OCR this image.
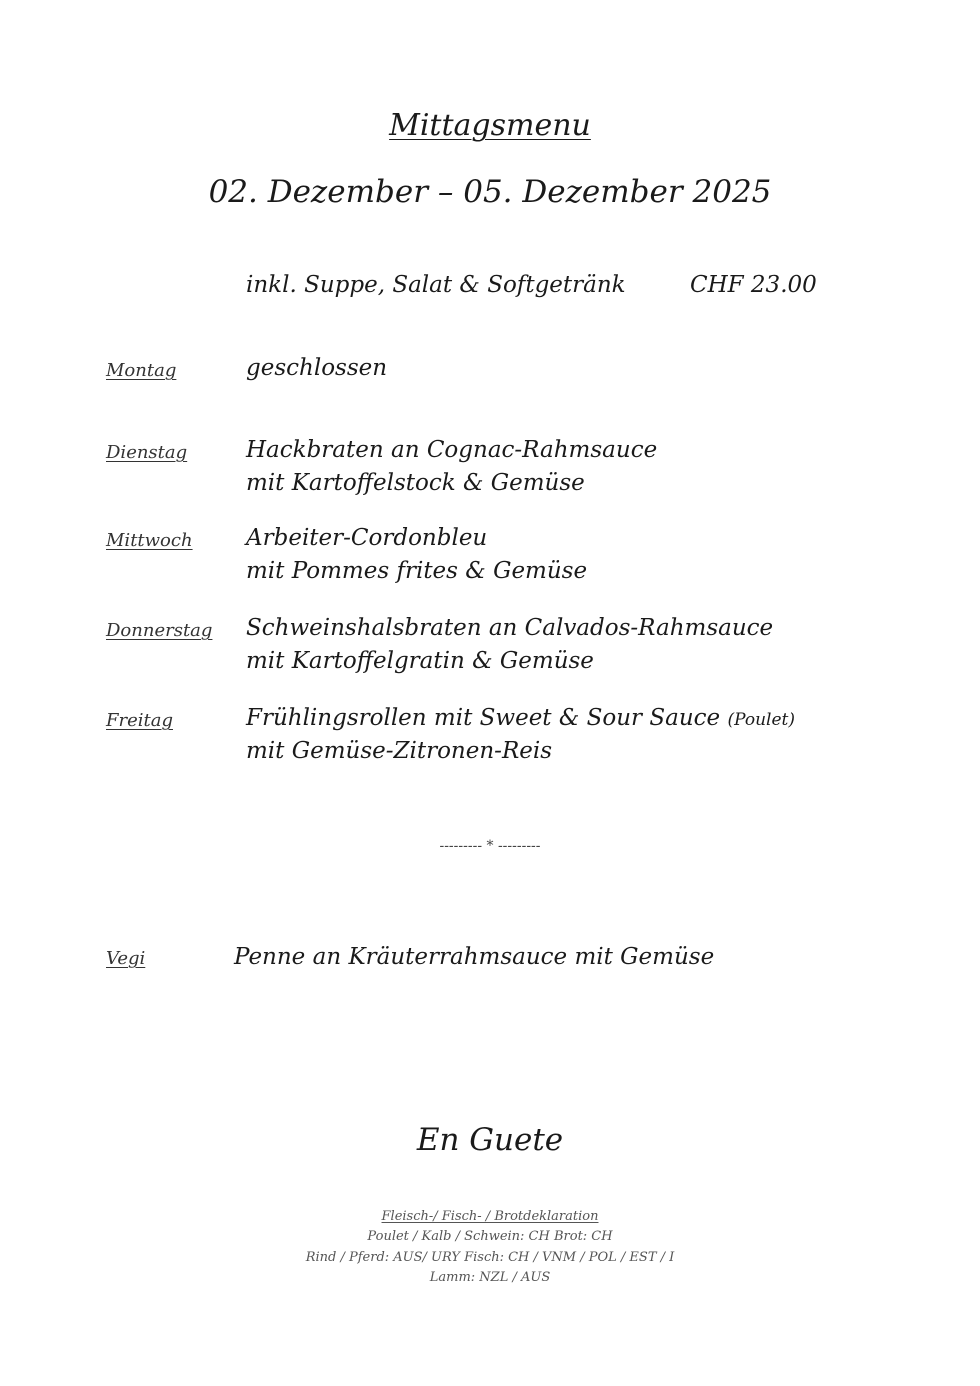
Mittagsmenu
02. Dezember – 05. Dezember 2025
inkl. Suppe, Salat & Softgetränk	CHF 23.00
Montag	geschlossen
Dienstag	Hackbraten an Cognac-Rahmsauce
mit Kartoffelstock & Gemüse
Mittwoch Arbeiter-Cordonbleu
mit Pommes frites & Gemüse
Donnerstag Schweinshalsbraten an Calvados-Rahmsauce
mit Kartoffelgratin & Gemüse
Freitag	Frühlingsrollen mit Sweet & Sour Sauce (Poulet)
mit Gemüse-Zitronen-Reis
--------- * ---------
Vegi	Penne an Kräuterrahmsauce mit Gemüse
En Guete
Fleisch-/ Fisch- / Brotdeklaration
Poulet / Kalb / Schwein: CH Brot: CH
Rind / Pferd: AUS/ URY Fisch: CH / VNM / POL / EST / I
Lamm: NZL / AUS
